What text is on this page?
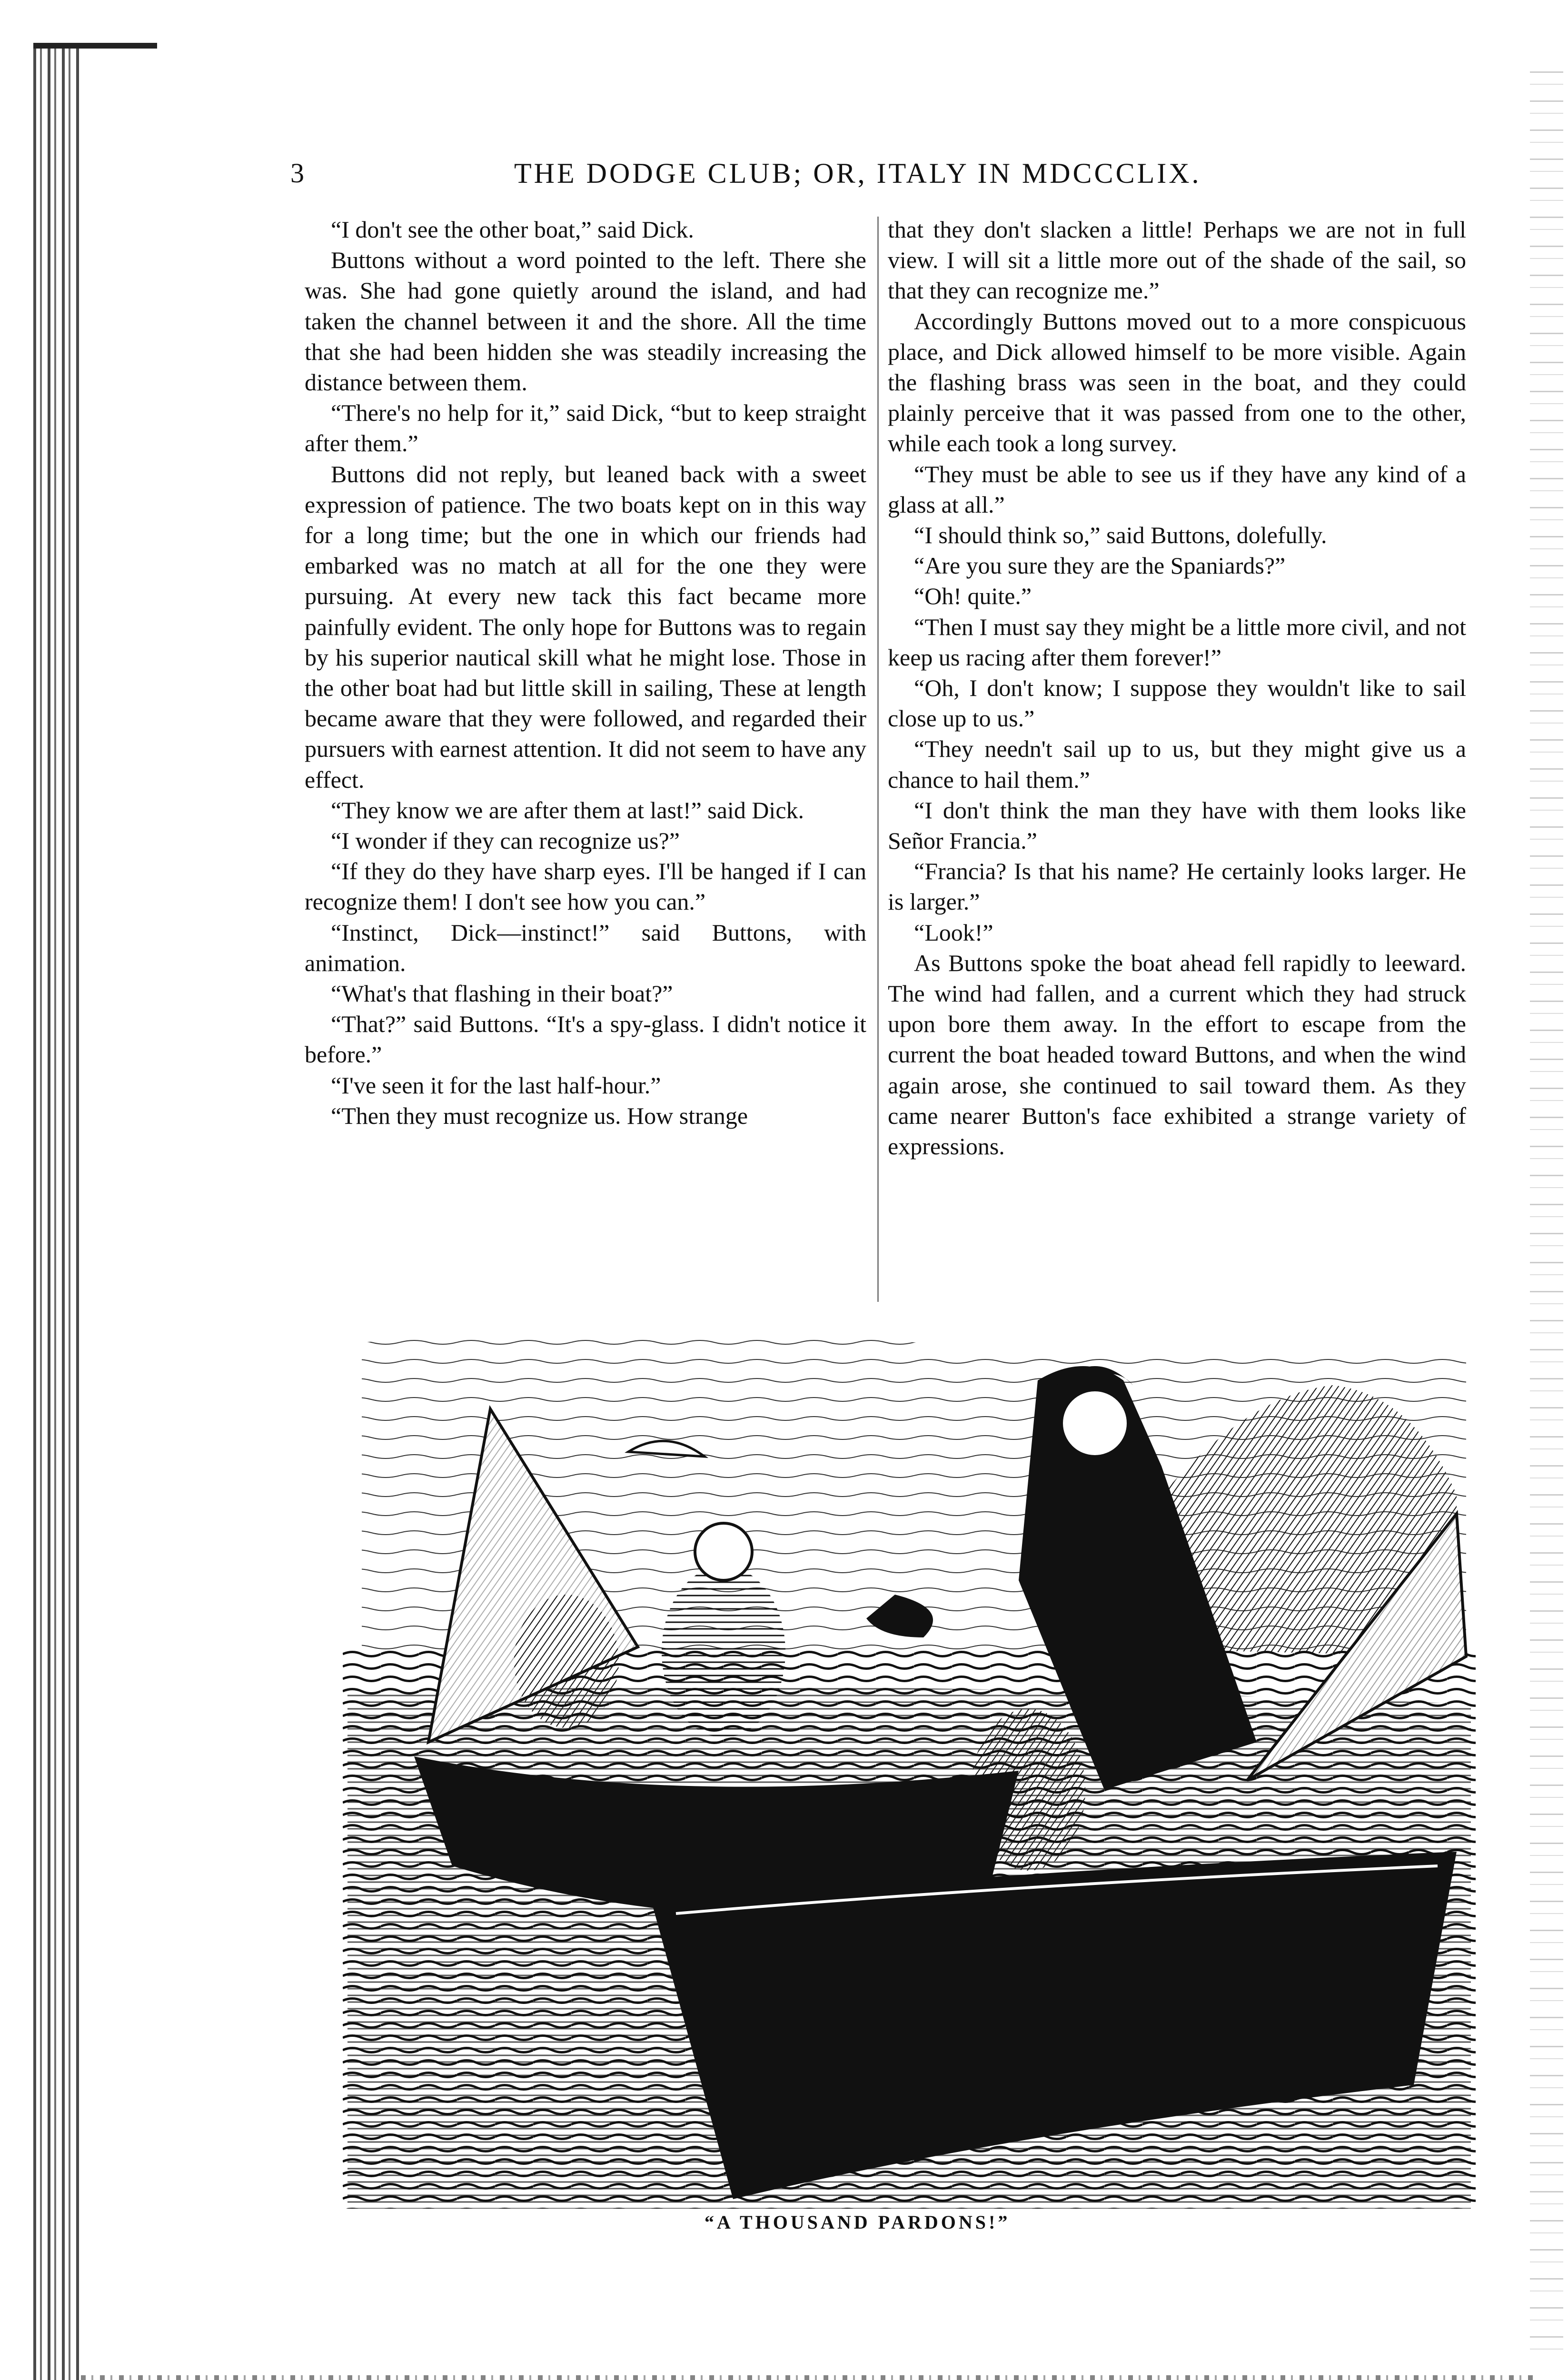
3	THE DODGE CLUB; OR, ITALY IN MDCCCLIX.

“I don't see the other boat,” said Dick.

Buttons without a word pointed to the left. There she was. She had gone quietly around the island, and had taken the channel between it and the shore. All the time that she had been hidden she was steadily increasing the distance between them.

“There's no help for it,” said Dick, “but to keep straight after them.”

Buttons did not reply, but leaned back with a sweet expression of patience. The two boats kept on in this way for a long time; but the one in which our friends had embarked was no match at all for the one they were pursuing. At every new tack this fact became more painfully evident. The only hope for Buttons was to regain by his superior nautical skill what he might lose. Those in the other boat had but little skill in sailing, These at length became aware that they were followed, and regarded their pursuers with earnest attention. It did not seem to have any effect.

“They know we are after them at last!” said Dick.

“I wonder if they can recognize us?”

“If they do they have sharp eyes. I'll be hanged if I can recognize them! I don't see how you can.”

“Instinct, Dick—instinct!” said Buttons, with animation.

“What's that flashing in their boat?”

“That?” said Buttons. “It's a spy-glass. I didn't notice it before.”

“I've seen it for the last half-hour.”

“Then they must recognize us. How strange

that they don't slacken a little! Perhaps we are not in full view. I will sit a little more out of the shade of the sail, so that they can recognize me.”

Accordingly Buttons moved out to a more conspicuous place, and Dick allowed himself to be more visible. Again the flashing brass was seen in the boat, and they could plainly perceive that it was passed from one to the other, while each took a long survey.

“They must be able to see us if they have any kind of a glass at all.”

“I should think so,” said Buttons, dolefully.

“Are you sure they are the Spaniards?”

“Oh! quite.”

“Then I must say they might be a little more civil, and not keep us racing after them forever!”

“Oh, I don't know; I suppose they wouldn't like to sail close up to us.”

“They needn't sail up to us, but they might give us a chance to hail them.”

“I don't think the man they have with them looks like Señor Francia.”

“Francia? Is that his name? He certainly looks larger. He is larger.”

“Look!”

As Buttons spoke the boat ahead fell rapidly to leeward. The wind had fallen, and a current which they had struck upon bore them away. In the effort to escape from the current the boat headed toward Buttons, and when the wind again arose, she continued to sail toward them. As they came nearer Button's face exhibited a strange variety of expressions.

“A THOUSAND PARDONS!”
